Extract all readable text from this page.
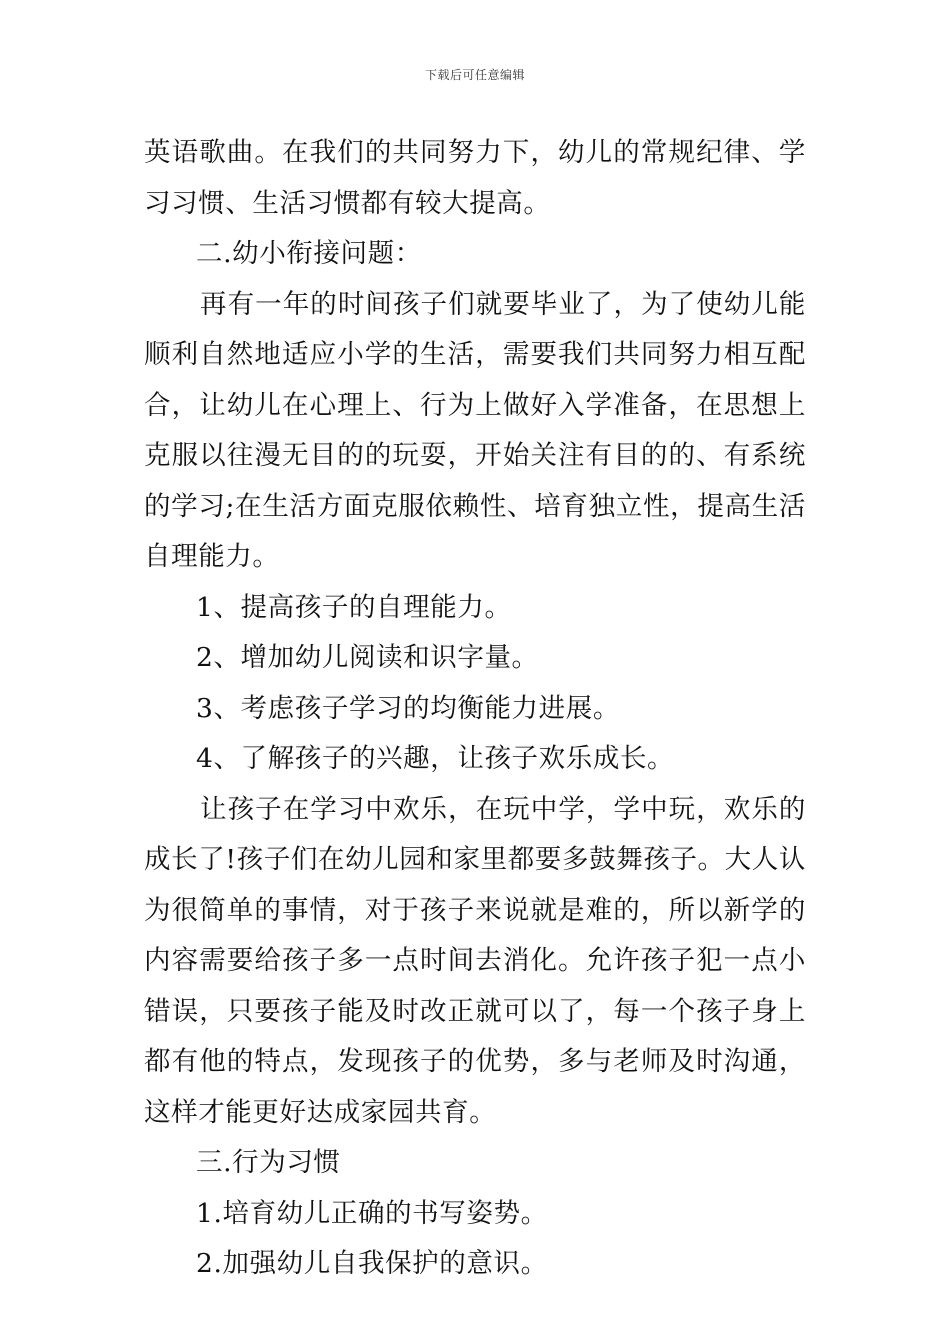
下载后可任意编辑

英语歌曲。在我们的共同努力下，幼儿的常规纪律、学习习惯、生活习惯都有较大提高。

二.幼小衔接问题：

再有一年的时间孩子们就要毕业了，为了使幼儿能顺利自然地适应小学的生活，需要我们共同努力相互配合，让幼儿在心理上、行为上做好入学准备，在思想上克服以往漫无目的的玩耍，开始关注有目的的、有系统的学习;在生活方面克服依赖性、培育独立性，提高生活自理能力。

1、提高孩子的自理能力。

2、增加幼儿阅读和识字量。

3、考虑孩子学习的均衡能力进展。

4、了解孩子的兴趣，让孩子欢乐成长。

让孩子在学习中欢乐，在玩中学，学中玩，欢乐的成长了!孩子们在幼儿园和家里都要多鼓舞孩子。大人认为很简单的事情，对于孩子来说就是难的，所以新学的内容需要给孩子多一点时间去消化。允许孩子犯一点小错误，只要孩子能及时改正就可以了，每一个孩子身上都有他的特点，发现孩子的优势，多与老师及时沟通，这样才能更好达成家园共育。

三.行为习惯

1.培育幼儿正确的书写姿势。

2.加强幼儿自我保护的意识。
